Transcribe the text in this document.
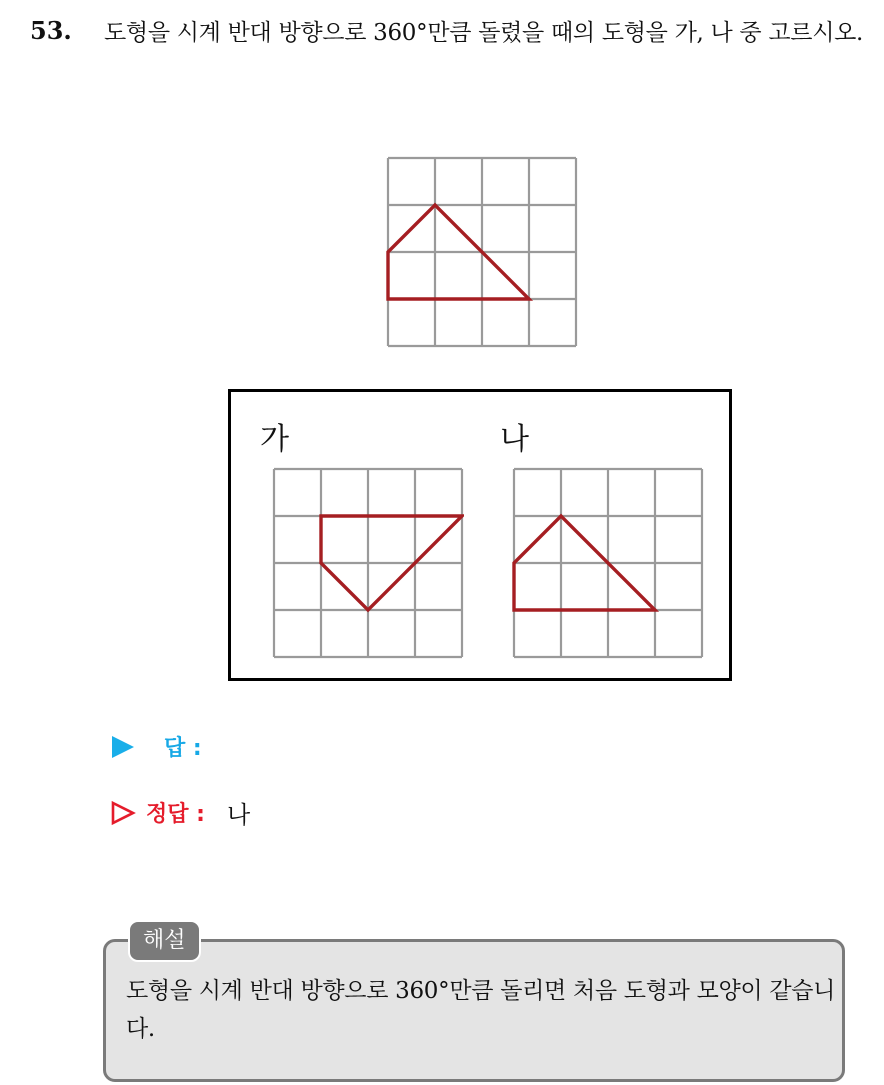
53. 도형을 시계 반대 방향으로 360°만큼 돌렸을 때의 도형을 가, 나 중 고르시오.
가	나
답 :
정답 : 나
해설
도형을 시계 반대 방향으로 360°만큼 돌리면 처음 도형과 모양이 같습니다.
